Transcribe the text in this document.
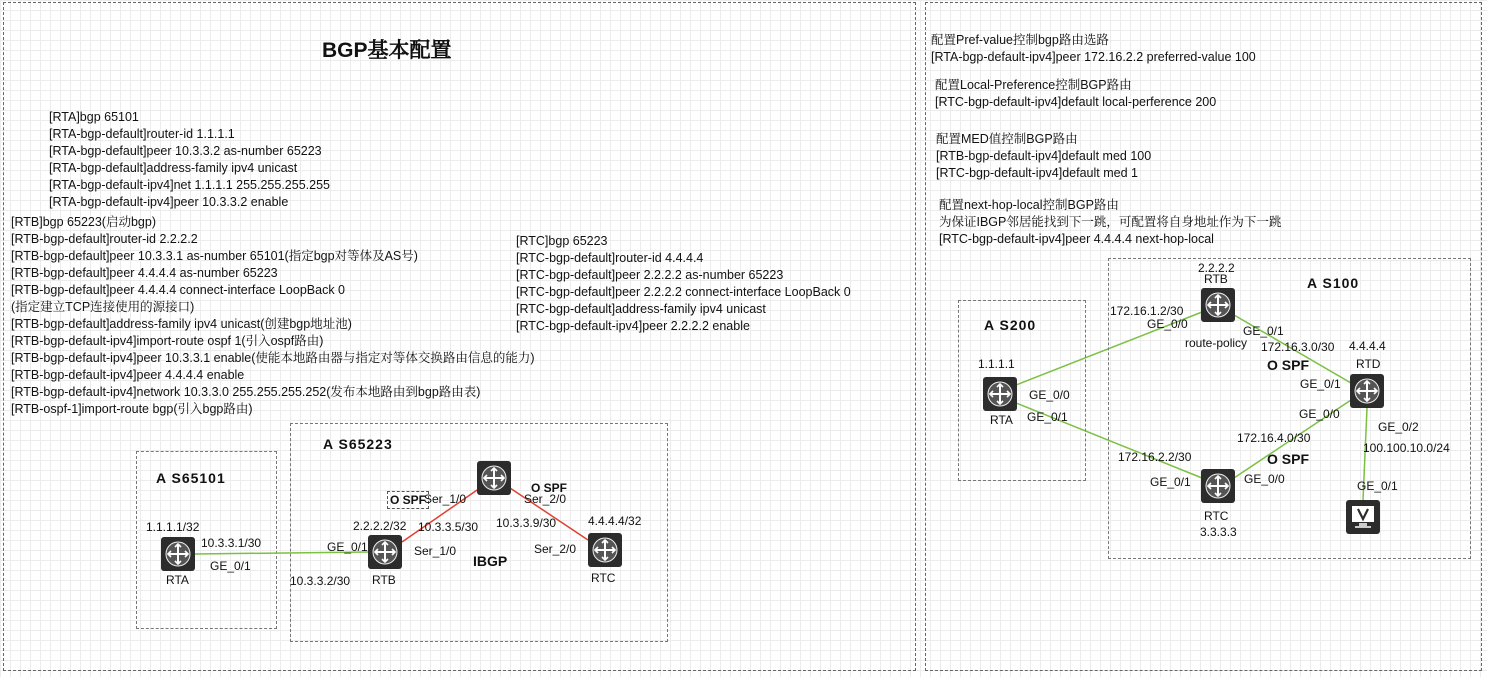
BGP基本配置
[RTA]bgp 65101
[RTA-bgp-default]router-id 1.1.1.1
[RTA-bgp-default]peer 10.3.3.2 as-number 65223
[RTA-bgp-default]address-family ipv4 unicast
[RTA-bgp-default-ipv4]net 1.1.1.1 255.255.255.255
[RTA-bgp-default-ipv4]peer 10.3.3.2 enable
[RTB]bgp 65223(启动bgp)
[RTB-bgp-default]router-id 2.2.2.2
[RTB-bgp-default]peer 10.3.3.1 as-number 65101(指定bgp对等体及AS号)
[RTB-bgp-default]peer 4.4.4.4 as-number 65223
[RTB-bgp-default]peer 4.4.4.4 connect-interface LoopBack 0
(指定建立TCP连接使用的源接口)
[RTB-bgp-default]address-family ipv4 unicast(创建bgp地址池)
[RTB-bgp-default-ipv4]import-route ospf 1(引入ospf路由)
[RTB-bgp-default-ipv4]peer 10.3.3.1 enable(使能本地路由器与指定对等体交换路由信息的能力)
[RTB-bgp-default-ipv4]peer 4.4.4.4 enable
[RTB-bgp-default-ipv4]network 10.3.3.0 255.255.255.252(发布本地路由到bgp路由表)
[RTB-ospf-1]import-route bgp(引入bgp路由)
[RTC]bgp 65223
[RTC-bgp-default]router-id 4.4.4.4
[RTC-bgp-default]peer 2.2.2.2 as-number 65223
[RTC-bgp-default]peer 2.2.2.2 connect-interface LoopBack 0
[RTC-bgp-default]address-family ipv4 unicast
[RTC-bgp-default-ipv4]peer 2.2.2.2 enable
A S65101
A S65223
1.1.1.1/32
RTA
10.3.3.1/30
GE_0/1
GE_0/1
10.3.3.2/30
2.2.2.2/32
RTB
Ser_1/0
O SPF
Ser_1/0
10.3.3.5/30
O SPF
Ser_2/0
10.3.3.9/30	4.4.4.4/32
Ser_2/0
RTC
IBGP
配置Pref-value控制bgp路由选路
[RTA-bgp-default-ipv4]peer 172.16.2.2 preferred-value 100
配置Local-Preference控制BGP路由
[RTC-bgp-default-ipv4]default local-perference 200
配置MED值控制BGP路由
[RTB-bgp-default-ipv4]default med 100
[RTC-bgp-default-ipv4]default med 1
配置next-hop-local控制BGP路由
为保证IBGP邻居能找到下一跳，可配置将自身地址作为下一跳
[RTC-bgp-default-ipv4]peer 4.4.4.4 next-hop-local
A S200
A S100
1.1.1.1
RTA
GE_0/0
GE_0/1
2.2.2.2
RTB
172.16.1.2/30
GE_0/0	GE_0/1
route-policy 172.16.3.0/30 4.4.4.4
RTD
O SPF
GE_0/1
GE_0/0
GE_0/2
100.100.10.0/24
172.16.4.0/30
O SPF
172.16.2.2/30
GE_0/1	GE_0/0
RTC
3.3.3.3
GE_0/1
